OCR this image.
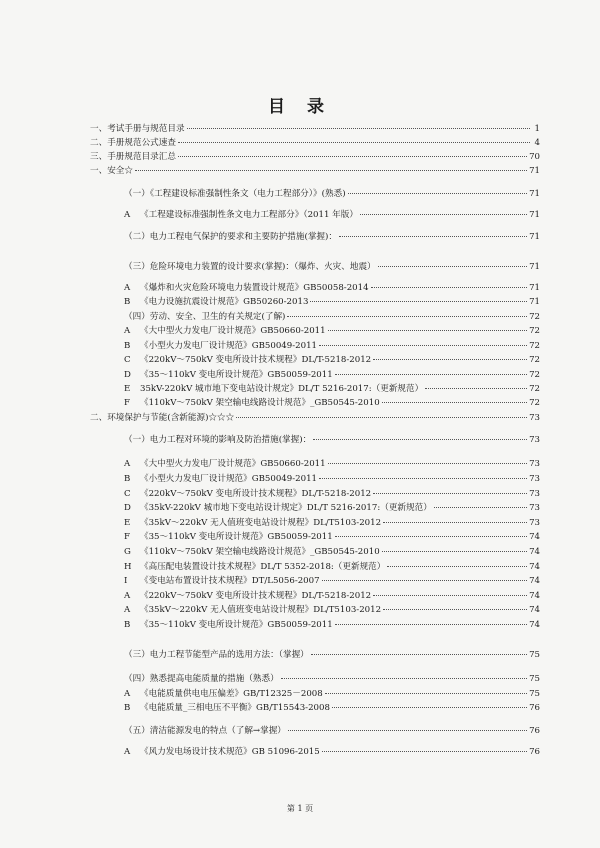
目 录
一、考试手册与规范目录	1
二、手册规范公式速查	4
三、手册规范目录汇总	70
一、安全☆	71
（一）《工程建设标准强制性条文（电力工程部分）》(熟悉)	71
A	《工程建设标准强制性条文电力工程部分》（2011 年版）	71
（二）电力工程电气保护的要求和主要防护措施(掌握)：	71
（三）危险环境电力装置的设计要求(掌握)：（爆炸、火灾、地震）	71
A	《爆炸和火灾危险环境电力装置设计规范》GB50058-2014	71
B	《电力设施抗震设计规范》GB50260-2013	71
（四）劳动、安全、卫生的有关规定(了解)	72
A	《大中型火力发电厂设计规范》GB50660-2011	72
B	《小型火力发电厂设计规范》GB50049-2011	72
C	《220kV～750kV 变电所设计技术规程》DL/T-5218-2012	72
D	《35～110kV 变电所设计规范》GB50059-2011	72
E	35kV-220kV 城市地下变电站设计规定》DL/T 5216-2017:（更新规范）	72
F	《110kV～750kV 架空输电线路设计规范》_GB50545-2010	72
二、环境保护与节能(含新能源)☆☆☆	73
（一）电力工程对环境的影响及防治措施(掌握)：	73
A	《大中型火力发电厂设计规范》GB50660-2011	73
B	《小型火力发电厂设计规范》GB50049-2011	73
C	《220kV～750kV 变电所设计技术规程》DL/T-5218-2012	73
D	《35kV-220kV 城市地下变电站设计规定》DL/T 5216-2017:（更新规范）	73
E	《35kV～220kV 无人值班变电站设计规程》DL/T5103-2012	73
F	《35～110kV 变电所设计规范》GB50059-2011	74
G	《110kV～750kV 架空输电线路设计规范》_GB50545-2010	74
H 《高压配电装置设计技术规程》DL/T 5352-2018:（更新规范）	74
I	《变电站布置设计技术规程》DT/L5056-2007	74
A	《220kV～750kV 变电所设计技术规程》DL/T-5218-2012	74
A	《35kV～220kV 无人值班变电站设计规程》DL/T5103-2012	74
B	《35～110kV 变电所设计规范》GB50059-2011	74
（三）电力工程节能型产品的选用方法：（掌握）	75
（四）熟悉提高电能质量的措施（熟悉）	75
A	《电能质量供电电压偏差》GB/T12325－2008	75
B	《电能质量_三相电压不平衡》GB/T15543-2008	76
（五）清洁能源发电的特点（了解→掌握）	76
A	《风力发电场设计技术规范》GB 51096-2015	76
第 1 页
